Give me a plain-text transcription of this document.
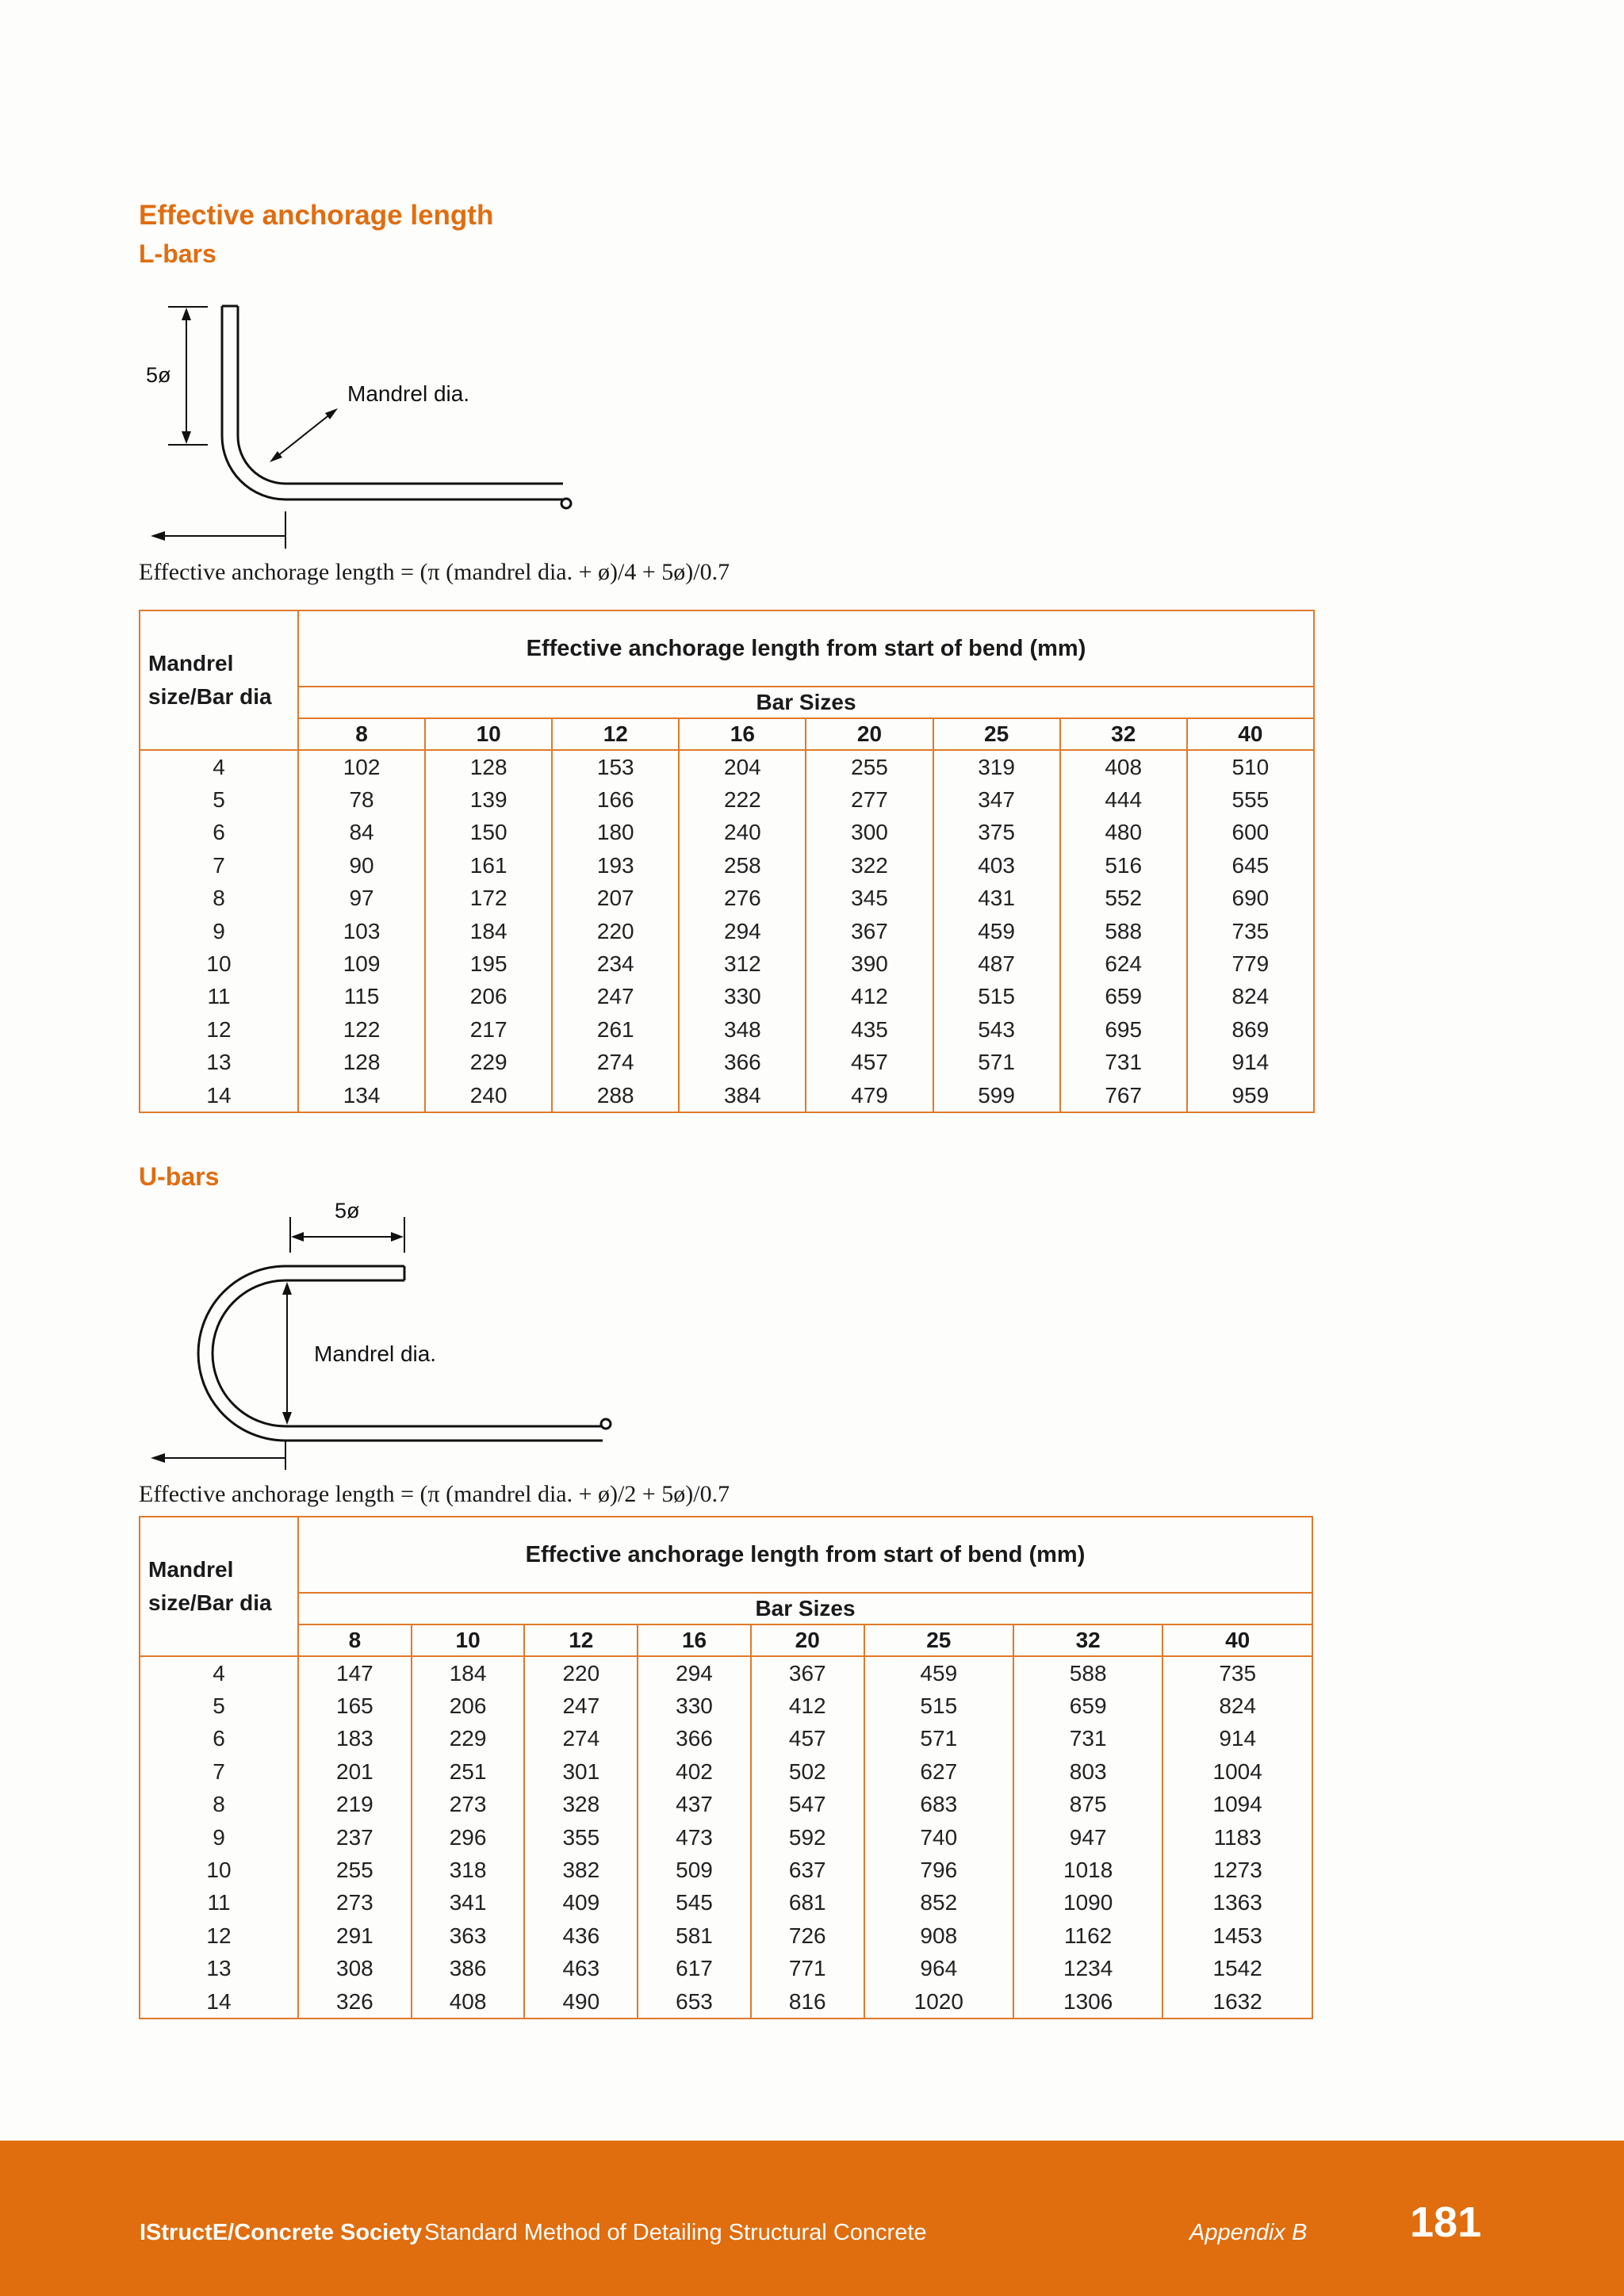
Effective anchorage length
L-bars
5ø
Mandrel dia.

Effective anchorage length = (π (mandrel dia. + ø)/4 + 5ø)/0.7

Mandrel
size/Bar dia	Effective anchorage length from start of bend (mm)							
	Bar Sizes							
	8	10	12	16	20	25	32	40
4	102	128	153	204	255	319	408	510
5	78	139	166	222	277	347	444	555
6	84	150	180	240	300	375	480	600
7	90	161	193	258	322	403	516	645
8	97	172	207	276	345	431	552	690
9	103	184	220	294	367	459	588	735
10	109	195	234	312	390	487	624	779
11	115	206	247	330	412	515	659	824
12	122	217	261	348	435	543	695	869
13	128	229	274	366	457	571	731	914
14	134	240	288	384	479	599	767	959
U-bars
5ø
Mandrel dia.

Effective anchorage length = (π (mandrel dia. + ø)/2 + 5ø)/0.7

Mandrel
size/Bar dia	Effective anchorage length from start of bend (mm)							
	Bar Sizes							
	8	10	12	16	20	25	32	40
4	147	184	220	294	367	459	588	735
5	165	206	247	330	412	515	659	824
6	183	229	274	366	457	571	731	914
7	201	251	301	402	502	627	803	1004
8	219	273	328	437	547	683	875	1094
9	237	296	355	473	592	740	947	1183
10	255	318	382	509	637	796	1018	1273
11	273	341	409	545	681	852	1090	1363
12	291	363	436	581	726	908	1162	1453
13	308	386	463	617	771	964	1234	1542
14	326	408	490	653	816	1020	1306	1632

IStructE/Concrete Society Standard Method of Detailing Structural Concrete	Appendix B 181
